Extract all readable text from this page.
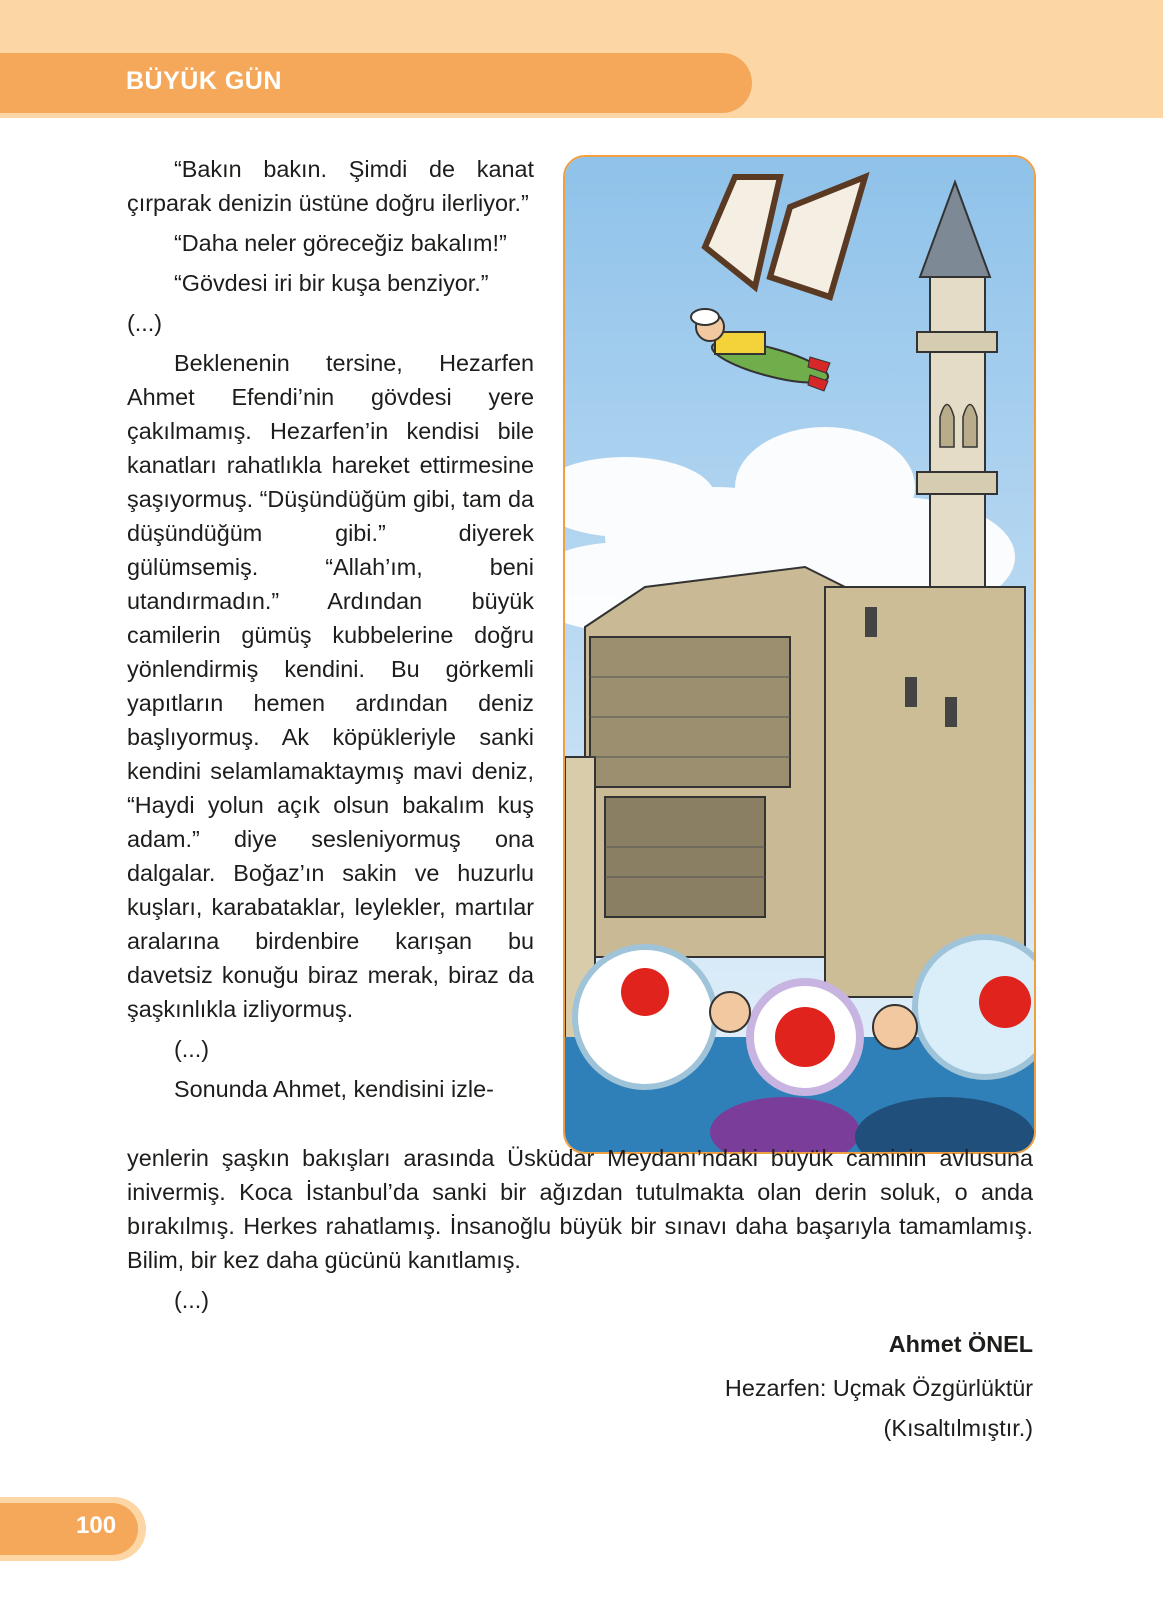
BÜYÜK GÜN

“Bakın bakın. Şimdi de kanat çırparak denizin üstüne doğru ilerliyor.”

“Daha neler göreceğiz bakalım!”

“Gövdesi iri bir kuşa benziyor.”

(...)

Beklenenin tersine, Hezarfen Ahmet Efendi’nin gövdesi yere çakılmamış. Hezarfen’in kendisi bile kanatları rahatlıkla hareket ettirmesine şaşıyormuş. “Düşündüğüm gibi, tam da düşündüğüm gibi.” diyerek gülümsemiş. “Allah’ım, beni utandırmadın.” Ardından büyük camilerin gümüş kubbelerine doğru yönlendirmiş kendini. Bu görkemli yapıtların hemen ardından deniz başlıyormuş. Ak köpükleriyle sanki kendini selamlamaktaymış mavi deniz, “Haydi yolun açık olsun bakalım kuş adam.” diye sesleniyormuş ona dalgalar. Boğaz’ın sakin ve huzurlu kuşları, karabataklar, leylekler, martılar aralarına birdenbire karışan bu davetsiz konuğu biraz merak, biraz da şaşkınlıkla izliyormuş.

(...)

Sonunda Ahmet, kendisini izle-

yenlerin şaşkın bakışları arasında Üsküdar Meydanı’ndaki büyük caminin avlusuna inivermiş. Koca İstanbul’da sanki bir ağızdan tutulmakta olan derin soluk, o anda bırakılmış. Herkes rahatlamış. İnsanoğlu büyük bir sınavı daha başarıyla tamamlamış. Bilim, bir kez daha gücünü kanıtlamış.

(...)

Ahmet ÖNEL

Hezarfen: Uçmak Özgürlüktür

(Kısaltılmıştır.)

100
